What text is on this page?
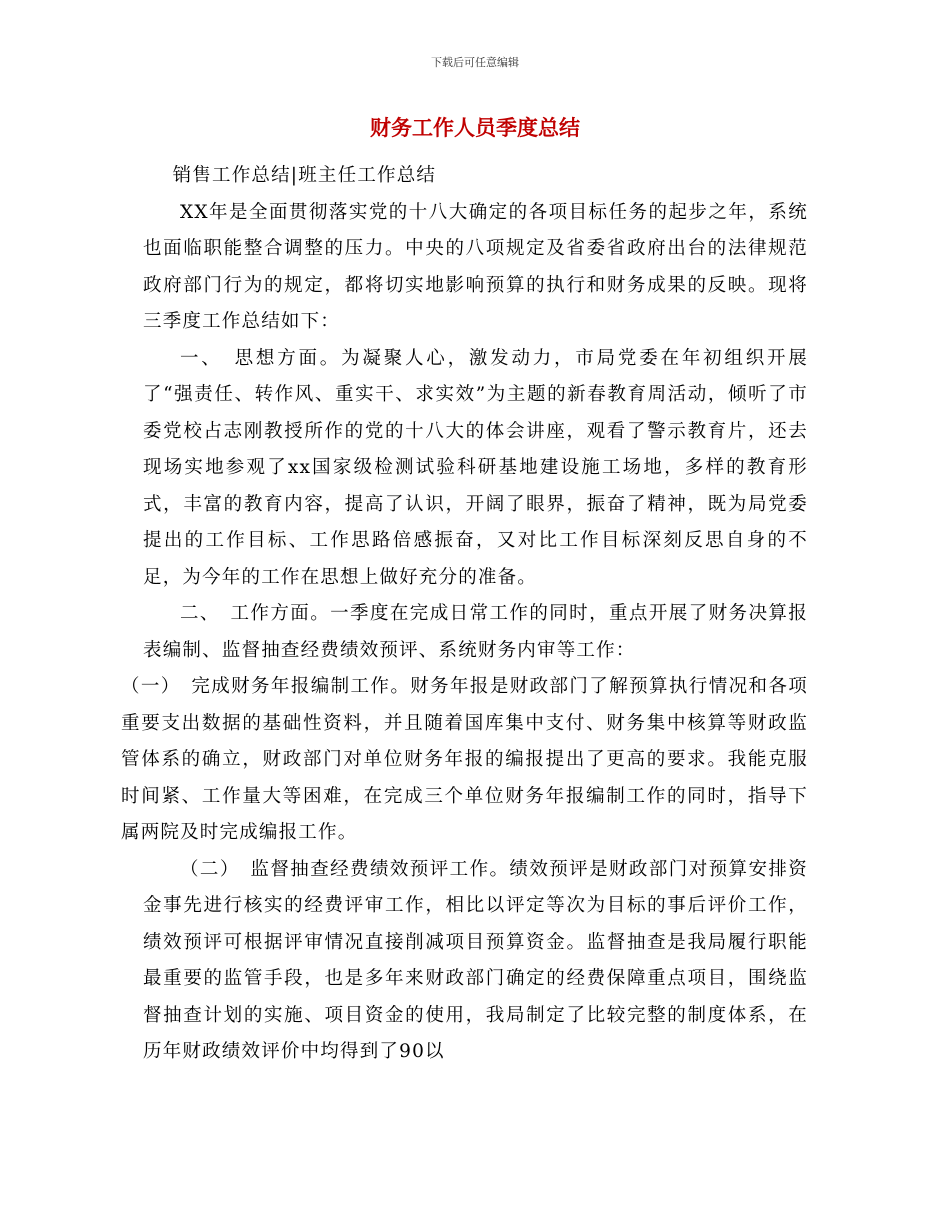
下载后可任意编辑
财务工作人员季度总结

销售工作总结|班主任工作总结

XX年是全面贯彻落实党的十八大确定的各项目标任务的起步之年，系统也面临职能整合调整的压力。中央的八项规定及省委省政府出台的法律规范政府部门行为的规定，都将切实地影响预算的执行和财务成果的反映。现将三季度工作总结如下：

一、　思想方面。为凝聚人心，激发动力，市局党委在年初组织开展了“强责任、转作风、重实干、求实效”为主题的新春教育周活动，倾听了市委党校占志刚教授所作的党的十八大的体会讲座，观看了警示教育片，还去现场实地参观了xx国家级检测试验科研基地建设施工场地，多样的教育形式，丰富的教育内容，提高了认识，开阔了眼界，振奋了精神，既为局党委提出的工作目标、工作思路倍感振奋，又对比工作目标深刻反思自身的不足，为今年的工作在思想上做好充分的准备。

二、　工作方面。一季度在完成日常工作的同时，重点开展了财务决算报表编制、监督抽查经费绩效预评、系统财务内审等工作：

（一）　完成财务年报编制工作。财务年报是财政部门了解预算执行情况和各项重要支出数据的基础性资料，并且随着国库集中支付、财务集中核算等财政监管体系的确立，财政部门对单位财务年报的编报提出了更高的要求。我能克服时间紧、工作量大等困难，在完成三个单位财务年报编制工作的同时，指导下属两院及时完成编报工作。

（二）　监督抽查经费绩效预评工作。绩效预评是财政部门对预算安排资金事先进行核实的经费评审工作，相比以评定等次为目标的事后评价工作，绩效预评可根据评审情况直接削减项目预算资金。监督抽查是我局履行职能最重要的监管手段，也是多年来财政部门确定的经费保障重点项目，围绕监督抽查计划的实施、项目资金的使用，我局制定了比较完整的制度体系，在历年财政绩效评价中均得到了90以
